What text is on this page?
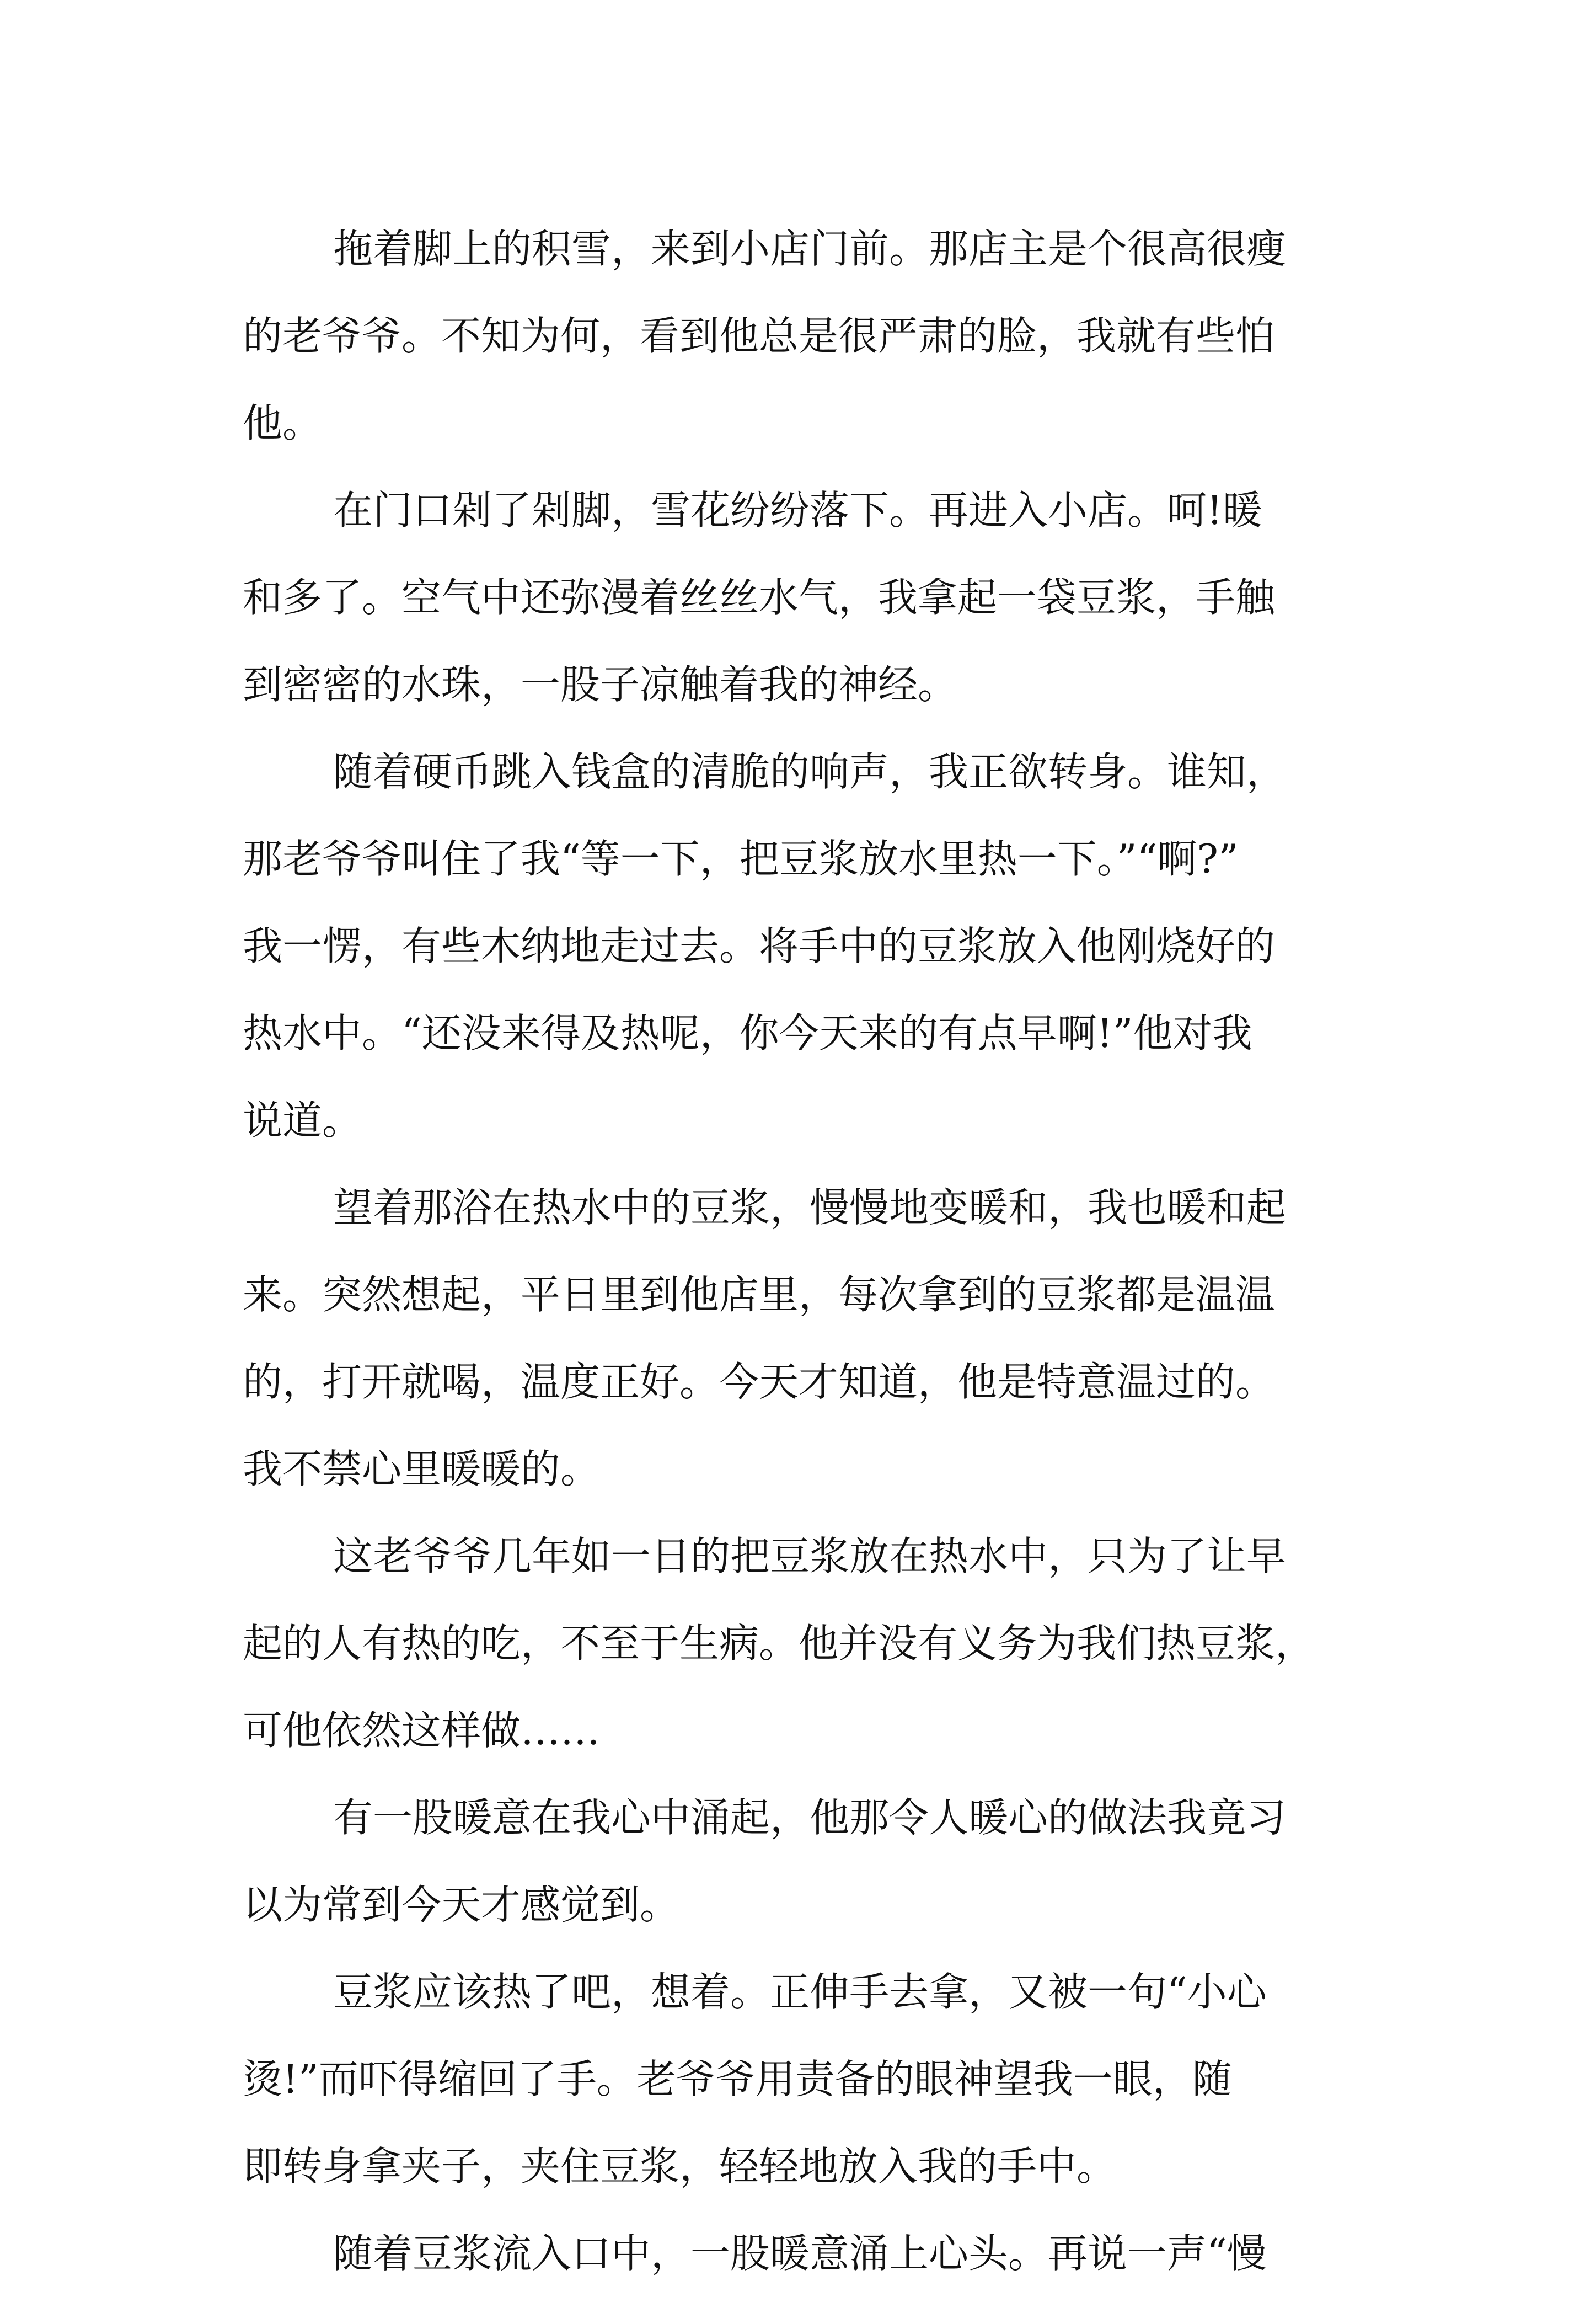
拖着脚上的积雪，来到小店门前。那店主是个很高很瘦
的老爷爷。不知为何，看到他总是很严肃的脸，我就有些怕
他。
在门口剁了剁脚，雪花纷纷落下。再进入小店。呵!暖
和多了。空气中还弥漫着丝丝水气，我拿起一袋豆浆，手触
到密密的水珠，一股子凉触着我的神经。
随着硬币跳入钱盒的清脆的响声，我正欲转身。谁知，
那老爷爷叫住了我“等一下，把豆浆放水里热一下。”“啊?”
我一愣，有些木纳地走过去。将手中的豆浆放入他刚烧好的
热水中。“还没来得及热呢，你今天来的有点早啊!”他对我
说道。
望着那浴在热水中的豆浆，慢慢地变暖和，我也暖和起
来。突然想起，平日里到他店里，每次拿到的豆浆都是温温
的，打开就喝，温度正好。今天才知道，他是特意温过的。
我不禁心里暖暖的。
这老爷爷几年如一日的把豆浆放在热水中，只为了让早
起的人有热的吃，不至于生病。他并没有义务为我们热豆浆，
可他依然这样做……
有一股暖意在我心中涌起，他那令人暖心的做法我竟习
以为常到今天才感觉到。
豆浆应该热了吧，想着。正伸手去拿，又被一句“小心
烫!”而吓得缩回了手。老爷爷用责备的眼神望我一眼，随
即转身拿夹子，夹住豆浆，轻轻地放入我的手中。
随着豆浆流入口中，一股暖意涌上心头。再说一声“慢
